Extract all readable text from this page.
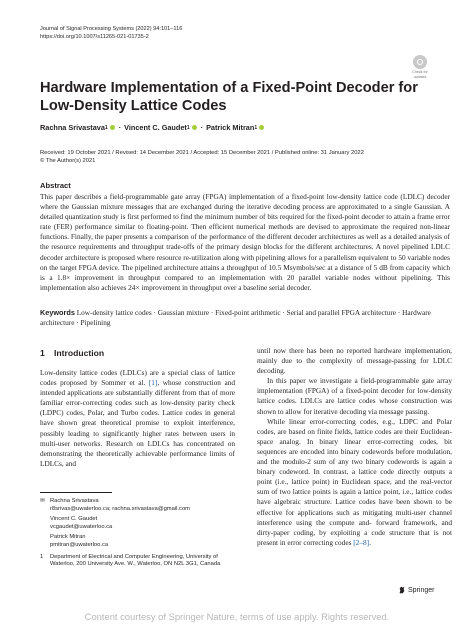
Journal of Signal Processing Systems (2022) 94:101–116
https://doi.org/10.1007/s11265-021-01735-2
Check for
updates
Hardware Implementation of a Fixed-Point Decoder for Low-Density Lattice Codes
Rachna Srivastava 1 · Vincent C. Gaudet 1 · Patrick Mitran 1
Received: 19 October 2021 / Revised: 14 December 2021 / Accepted: 15 December 2021 / Published online: 31 January 2022
© The Author(s) 2021
Abstract
This paper describes a field-programmable gate array (FPGA) implementation of a fixed-point low-density lattice code (LDLC) decoder where the Gaussian mixture messages that are exchanged during the iterative decoding process are approximated to a single Gaussian. A detailed quantization study is first performed to find the minimum number of bits required for the fixed-point decoder to attain a frame error rate (FER) performance similar to floating-point. Then efficient numerical methods are devised to approximate the required non-linear functions. Finally, the paper presents a comparison of the performance of the different decoder architectures as well as a detailed analysis of the resource requirements and throughput trade-offs of the primary design blocks for the different architectures. A novel pipelined LDLC decoder architecture is proposed where resource re-utilization along with pipelining allows for a parallelism equivalent to 50 variable nodes on the target FPGA device. The pipelined architecture attains a throughput of 10.5 Msymbols/sec at a distance of 5 dB from capacity which is a 1.8× improvement in throughput compared to an implementation with 20 parallel variable nodes without pipelining. This implementation also achieves 24× improvement in throughput over a baseline serial decoder.
Keywords Low-density lattice codes · Gaussian mixture · Fixed-point arithmetic · Serial and parallel FPGA architecture · Hardware architecture · Pipelining
1 Introduction
Low-density lattice codes (LDLCs) are a special class of lattice codes proposed by Sommer et al. [1], whose construction and intended applications are substantially different from that of more familiar error-correcting codes such as low-density parity check (LDPC) codes, Polar, and Turbo codes. Lattice codes in general have shown great theoretical promise to exploit interference, possibly leading to significantly higher rates between users in multi-user networks. Research on LDLCs has concentrated on demonstrating the theoretically achievable performance limits of LDLCs, and

until now there has been no reported hardware implementation, mainly due to the complexity of message-passing for LDLC decoding.

In this paper we investigate a field-programmable gate array implementation (FPGA) of a fixed-point decoder for low-density lattice codes. LDLCs are lattice codes whose construction was shown to allow for iterative decoding via message passing.

While linear error-correcting codes, e.g., LDPC and Polar codes, are based on finite fields, lattice codes are their Euclidean-space analog. In binary linear error-correcting codes, bit sequences are encoded into binary codewords before modulation, and the modulo-2 sum of any two binary codewords is again a binary codeword. In contrast, a lattice code directly outputs a point (i.e., lattice point) in Euclidean space, and the real-vector sum of two lattice points is again a lattice point, i.e., lattice codes have algebraic structure. Lattice codes have been shown to be effective for applications such as mitigating multi-user channel interference using the compute and- forward framework, and dirty-paper coding, by exploiting a code structure that is not present in error correcting codes [2–8].

✉ Rachna Srivastava
r8srivas@uwaterloo.ca; rachna.srivastava@gmail.com
Vincent C. Gaudet
vcgaudet@uwaterloo.ca
Patrick Mitran
pmitran@uwaterloo.ca
1	Department of Electrical and Computer Engineering, University of Waterloo, 200 University Ave. W., Waterloo, ON N2L 3G1, Canada
Springer
Content courtesy of Springer Nature, terms of use apply. Rights reserved.
